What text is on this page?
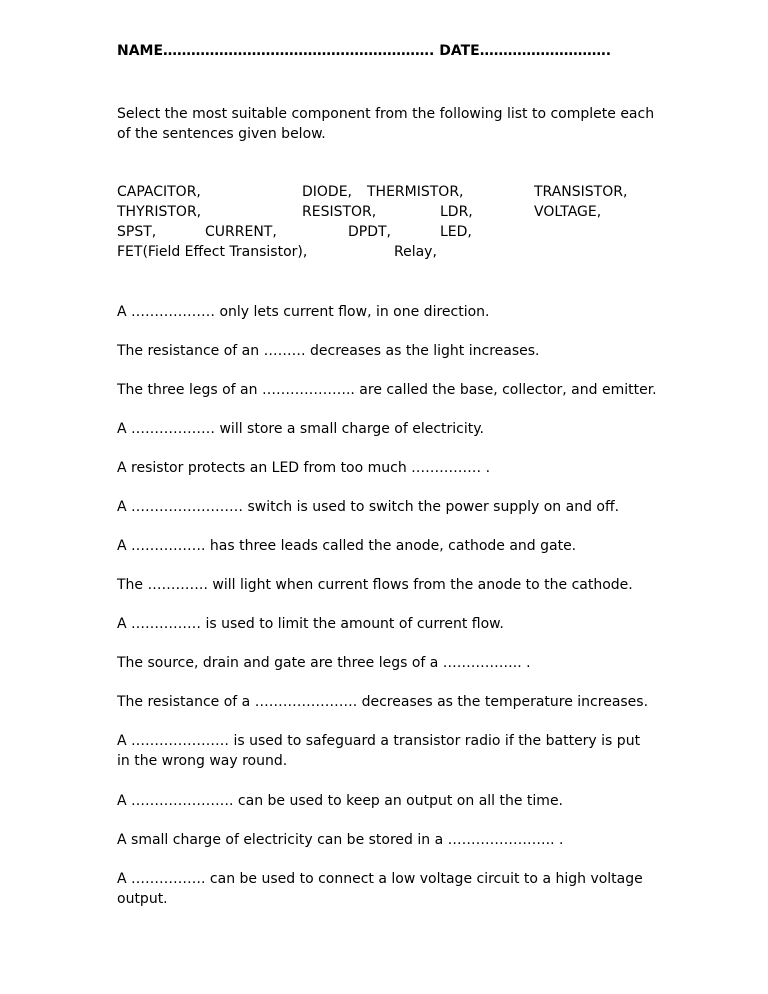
NAME…………………………………………………. DATE……………………….
Select the most suitable component from the following list to complete each of the sentences given below.
CAPACITOR,	DIODE, THERMISTOR,	TRANSISTOR,
THYRISTOR,	RESISTOR,	LDR,	VOLTAGE,
SPST,	CURRENT,	DPDT,	LED,
FET(Field Effect Transistor),	Relay,
A ……………… only lets current flow, in one direction.
The resistance of an ……… decreases as the light increases.
The three legs of an ……………….. are called the base, collector, and emitter.
A ……………… will store a small charge of electricity.
A resistor protects an LED from too much …………… .
A …………………… switch is used to switch the power supply on and off.
A ……………. has three leads called the anode, cathode and gate.
The …………. will light when current flows from the anode to the cathode.
A …………… is used to limit the amount of current flow.
The source, drain and gate are three legs of a …………….. .
The resistance of a …………………. decreases as the temperature increases.
A ………………… is used to safeguard a transistor radio if the battery is put in the wrong way round.
A …………………. can be used to keep an output on all the time.
A small charge of electricity can be stored in a ………………….. .
A ……………. can be used to connect a low voltage circuit to a high voltage output.
